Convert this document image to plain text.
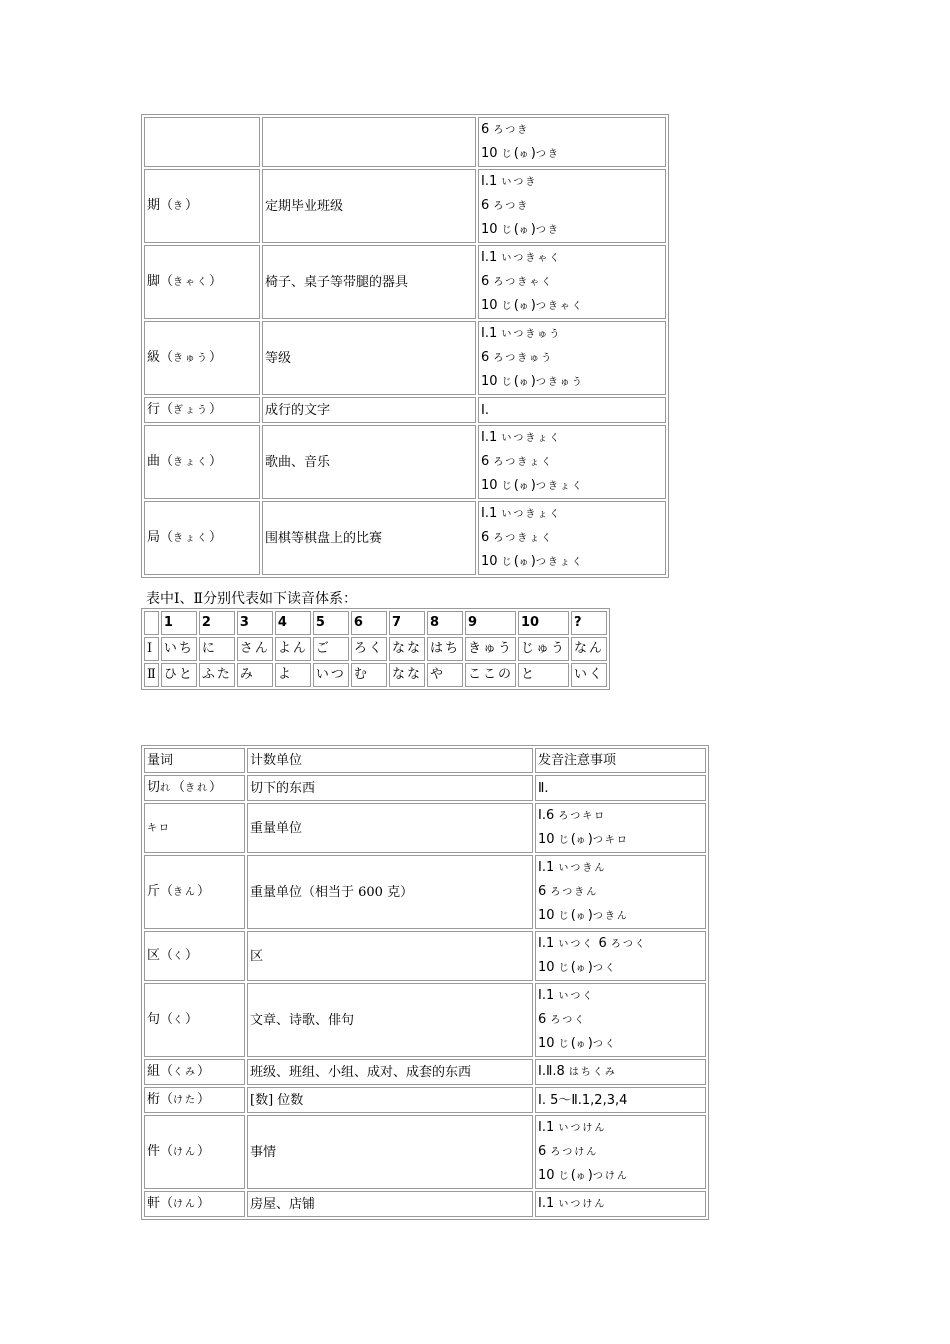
		6 ろつき
10 じ(ゅ)つき

期（き）	定期毕业班级	Ⅰ.1 いつき
6 ろつき
10 じ(ゅ)つき

脚（きゃく）	椅子、桌子等带腿的器具	Ⅰ.1 いつきゃく
6 ろつきゃく
10 じ(ゅ)つきゃく

級（きゅう）	等级	Ⅰ.1 いつきゅう
6 ろつきゅう
10 じ(ゅ)つきゅう

行（ぎょう）	成行的文字	Ⅰ.

曲（きょく）	歌曲、音乐	Ⅰ.1 いつきょく
6 ろつきょく
10 じ(ゅ)つきょく

局（きょく）	围棋等棋盘上的比赛	Ⅰ.1 いつきょく
6 ろつきょく
10 じ(ゅ)つきょく
表中Ⅰ、Ⅱ分别代表如下读音体系：
	1	2	3	4	5	6	7	8	9	10	?
Ⅰ	いち	に	さん	よん	ご	ろく	なな	はち	きゅう	じゅう	なん
Ⅱ	ひと	ふた	み	よ	いつ	む	なな	や	ここの	と	いく
量词	计数单位	发音注意事项
切れ（きれ）	切下的东西	Ⅱ.

キロ	重量单位	Ⅰ.6 ろつキロ
10 じ(ゅ)つキロ

斤（きん）	重量单位（相当于 600 克）	Ⅰ.1 いつきん
6 ろつきん
10 じ(ゅ)つきん

区（く）	区	Ⅰ.1 いつく 6 ろつく
10 じ(ゅ)つく

句（く）	文章、诗歌、俳句	Ⅰ.1 いつく
6 ろつく
10 じ(ゅ)つく

組（くみ）	班级、班组、小组、成对、成套的东西	Ⅰ.Ⅱ.8 はちくみ

桁（けた）	[数] 位数	Ⅰ. 5～Ⅱ.1,2,3,4

件（けん）	事情	Ⅰ.1 いつけん
6 ろつけん
10 じ(ゅ)つけん

軒（けん）	房屋、店铺	Ⅰ.1 いつけん
